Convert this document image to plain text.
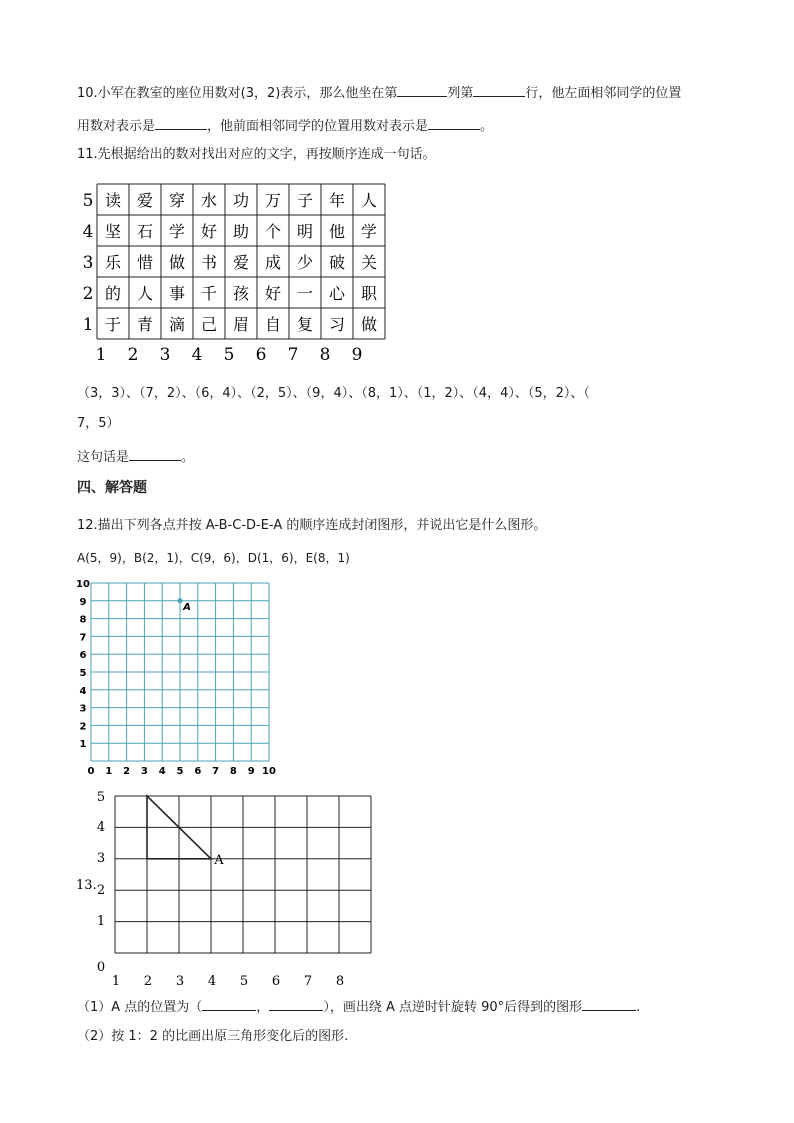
10.小军在教室的座位用数对(3，2)表示，那么他坐在第	列第	行，他左面相邻同学的位置
用数对表示是	，他前面相邻同学的位置用数对表示是	。
11.先根据给出的数对找出对应的文字，再按顺序连成一句话。
5 读 爱 穿 水 功 万 子 年 人
4 坚 石 学 好 助 个 明 他 学
3 乐 惜 做 书 爱 成 少 破 关
2 的 人 事 千 孩 好 一 心 职
1 于 青 滴 己 眉 自 复 习 做
1 2 3 4 5 6 7 8 9
（3，3）、（7，2）、（6，4）、（2，5）、（9，4）、（8，1）、（1，2）、（4，4）、（5，2）、（
7，5）
这句话是	。
四、解答题
12.描出下列各点并按 A-B-C-D-E-A 的顺序连成封闭图形，并说出它是什么图形。
A(5，9)，B(2，1)，C(9，6)，D(1，6)，E(8，1)
0 1 2 3 4 5 6 7 8 9 10
1
2
3
4
5
6
7
8
9
10
A
1 2 3 4 5 6 7 8
0
1
2
3
4
5
A
13.
（1）A 点的位置为（	，	），画出绕 A 点逆时针旋转 90°后得到的图形	.
（2）按 1：2 的比画出原三角形变化后的图形.
